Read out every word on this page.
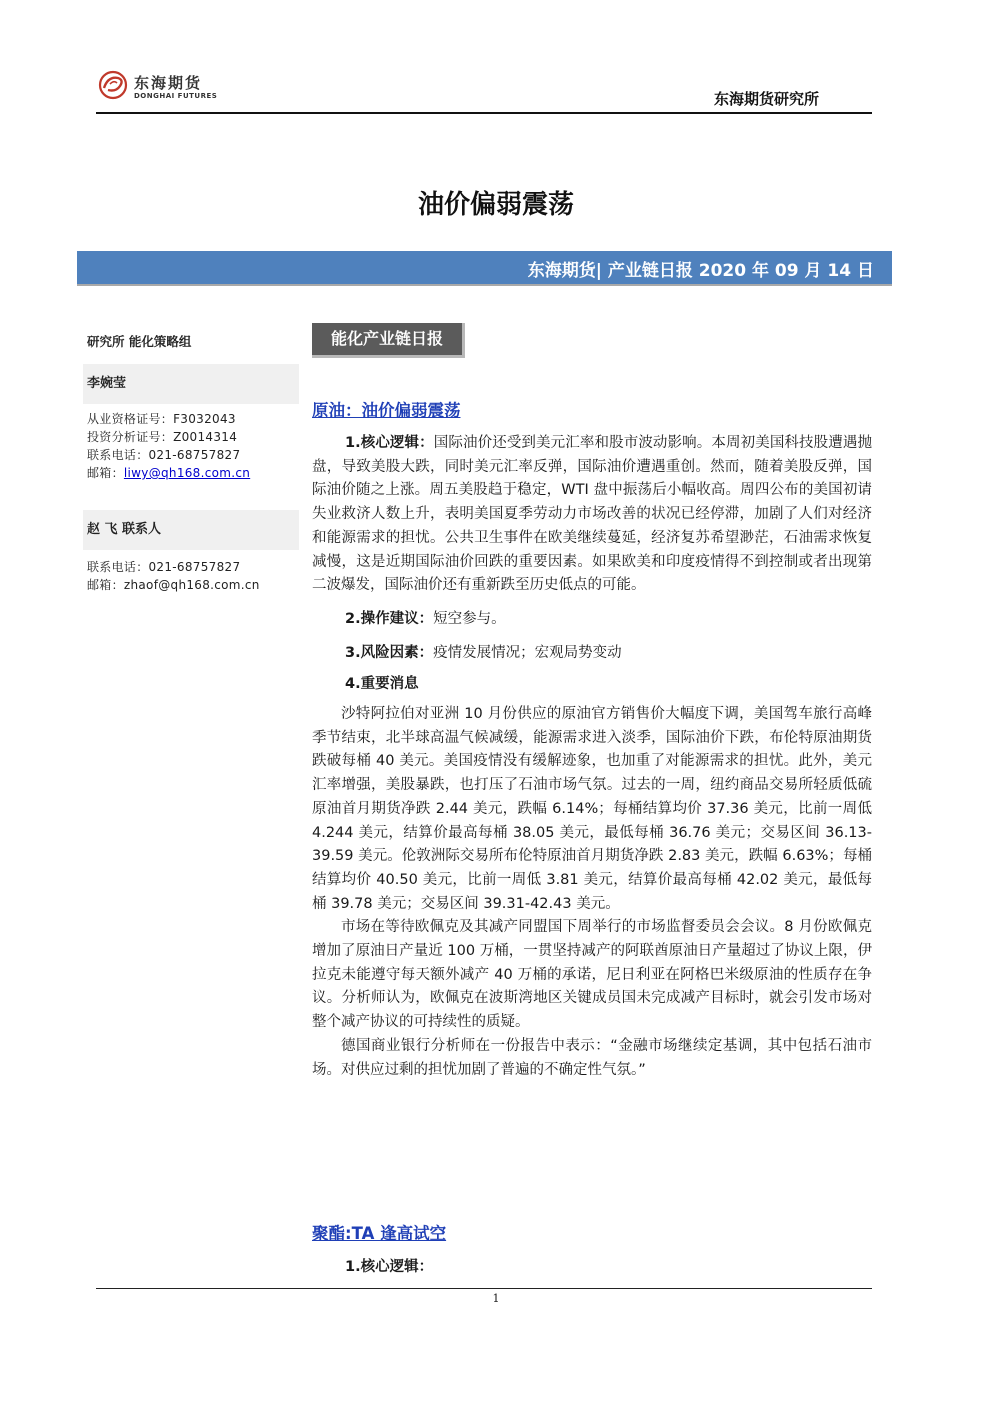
东海期货
DONGHAI FUTURES	东海期货研究所
油价偏弱震荡
东海期货| 产业链日报 2020 年 09 月 14 日
研究所 能化策略组
李婉莹
从业资格证号：F3032043
投资分析证号：Z0014314
联系电话：021-68757827
邮箱：liwy@qh168.com.cn
赵 飞 联系人
联系电话：021-68757827
邮箱：zhaof@qh168.com.cn
能化产业链日报
原油：油价偏弱震荡

1.核心逻辑：国际油价还受到美元汇率和股市波动影响。本周初美国科技股遭遇抛盘，导致美股大跌，同时美元汇率反弹，国际油价遭遇重创。然而，随着美股反弹，国际油价随之上涨。周五美股趋于稳定，WTI 盘中振荡后小幅收高。周四公布的美国初请失业救济人数上升，表明美国夏季劳动力市场改善的状况已经停滞，加剧了人们对经济和能源需求的担忧。公共卫生事件在欧美继续蔓延，经济复苏希望渺茫，石油需求恢复减慢，这是近期国际油价回跌的重要因素。如果欧美和印度疫情得不到控制或者出现第二波爆发，国际油价还有重新跌至历史低点的可能。

2.操作建议：短空参与。

3.风险因素：疫情发展情况；宏观局势变动

4.重要消息

沙特阿拉伯对亚洲 10 月份供应的原油官方销售价大幅度下调，美国驾车旅行高峰季节结束，北半球高温气候减缓，能源需求进入淡季，国际油价下跌，布伦特原油期货跌破每桶 40 美元。美国疫情没有缓解迹象，也加重了对能源需求的担忧。此外，美元汇率增强，美股暴跌，也打压了石油市场气氛。过去的一周，纽约商品交易所轻质低硫原油首月期货净跌 2.44 美元，跌幅 6.14%；每桶结算均价 37.36 美元，比前一周低 4.244 美元，结算价最高每桶 38.05 美元，最低每桶 36.76 美元；交易区间 36.13-39.59 美元。伦敦洲际交易所布伦特原油首月期货净跌 2.83 美元，跌幅 6.63%；每桶结算均价 40.50 美元，比前一周低 3.81 美元，结算价最高每桶 42.02 美元，最低每桶 39.78 美元；交易区间 39.31-42.43 美元。

市场在等待欧佩克及其减产同盟国下周举行的市场监督委员会会议。8 月份欧佩克增加了原油日产量近 100 万桶，一贯坚持减产的阿联酋原油日产量超过了协议上限，伊拉克未能遵守每天额外减产 40 万桶的承诺，尼日利亚在阿格巴米级原油的性质存在争议。分析师认为，欧佩克在波斯湾地区关键成员国未完成减产目标时，就会引发市场对整个减产协议的可持续性的质疑。

德国商业银行分析师在一份报告中表示：“金融市场继续定基调，其中包括石油市场。对供应过剩的担忧加剧了普遍的不确定性气氛。”

聚酯:TA 逢高试空

1.核心逻辑：

1
